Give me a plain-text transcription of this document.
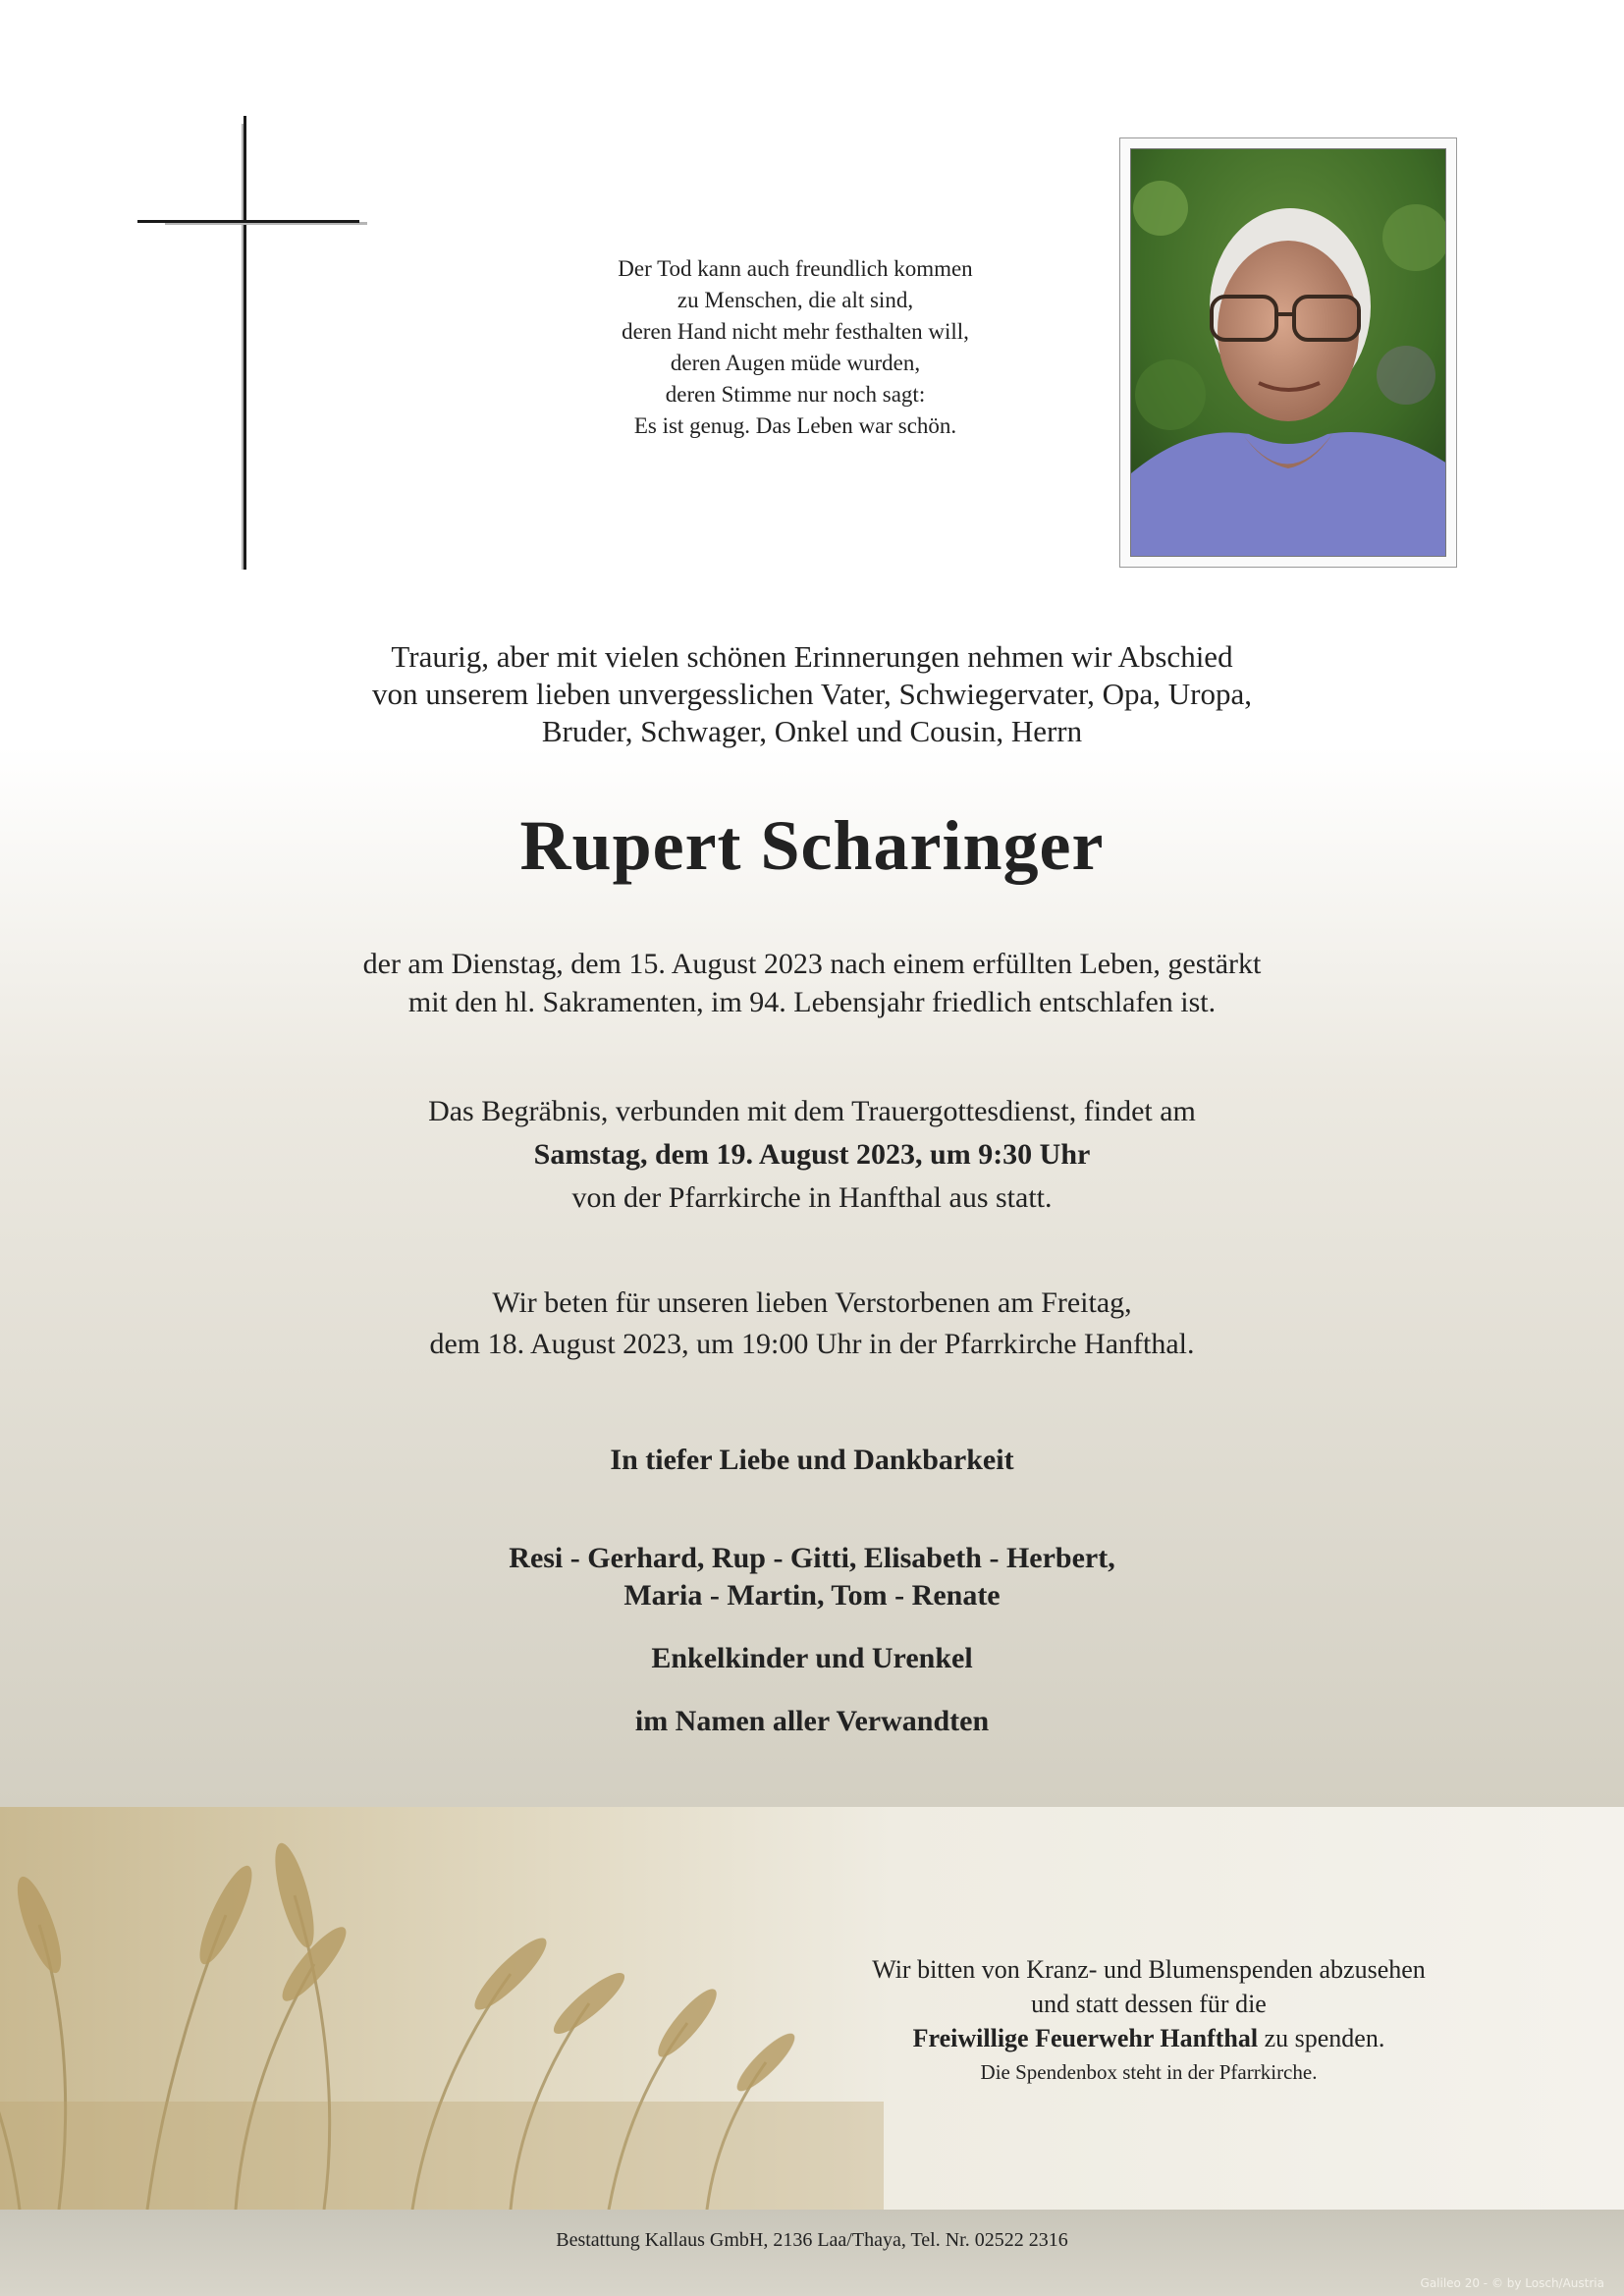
Der Tod kann auch freundlich kommen
zu Menschen, die alt sind,
deren Hand nicht mehr festhalten will,
deren Augen müde wurden,
deren Stimme nur noch sagt:
Es ist genug. Das Leben war schön.
Traurig, aber mit vielen schönen Erinnerungen nehmen wir Abschied
von unserem lieben unvergesslichen Vater, Schwiegervater, Opa, Uropa,
Bruder, Schwager, Onkel und Cousin, Herrn
Rupert Scharinger
der am Dienstag, dem 15. August 2023 nach einem erfüllten Leben, gestärkt
mit den hl. Sakramenten, im 94. Lebensjahr friedlich entschlafen ist.
Das Begräbnis, verbunden mit dem Trauergottesdienst, findet am
Samstag, dem 19. August 2023, um 9:30 Uhr
von der Pfarrkirche in Hanfthal aus statt.
Wir beten für unseren lieben Verstorbenen am Freitag,
dem 18. August 2023, um 19:00 Uhr in der Pfarrkirche Hanfthal.
In tiefer Liebe und Dankbarkeit
Resi - Gerhard, Rup - Gitti, Elisabeth - Herbert,
Maria - Martin, Tom - Renate
Enkelkinder und Urenkel
im Namen aller Verwandten
Wir bitten von Kranz- und Blumenspenden abzusehen
und statt dessen für die
Freiwillige Feuerwehr Hanfthal zu spenden.
Die Spendenbox steht in der Pfarrkirche.
Bestattung Kallaus GmbH, 2136 Laa/Thaya, Tel. Nr. 02522 2316
Galileo 20 - © by Losch/Austria
